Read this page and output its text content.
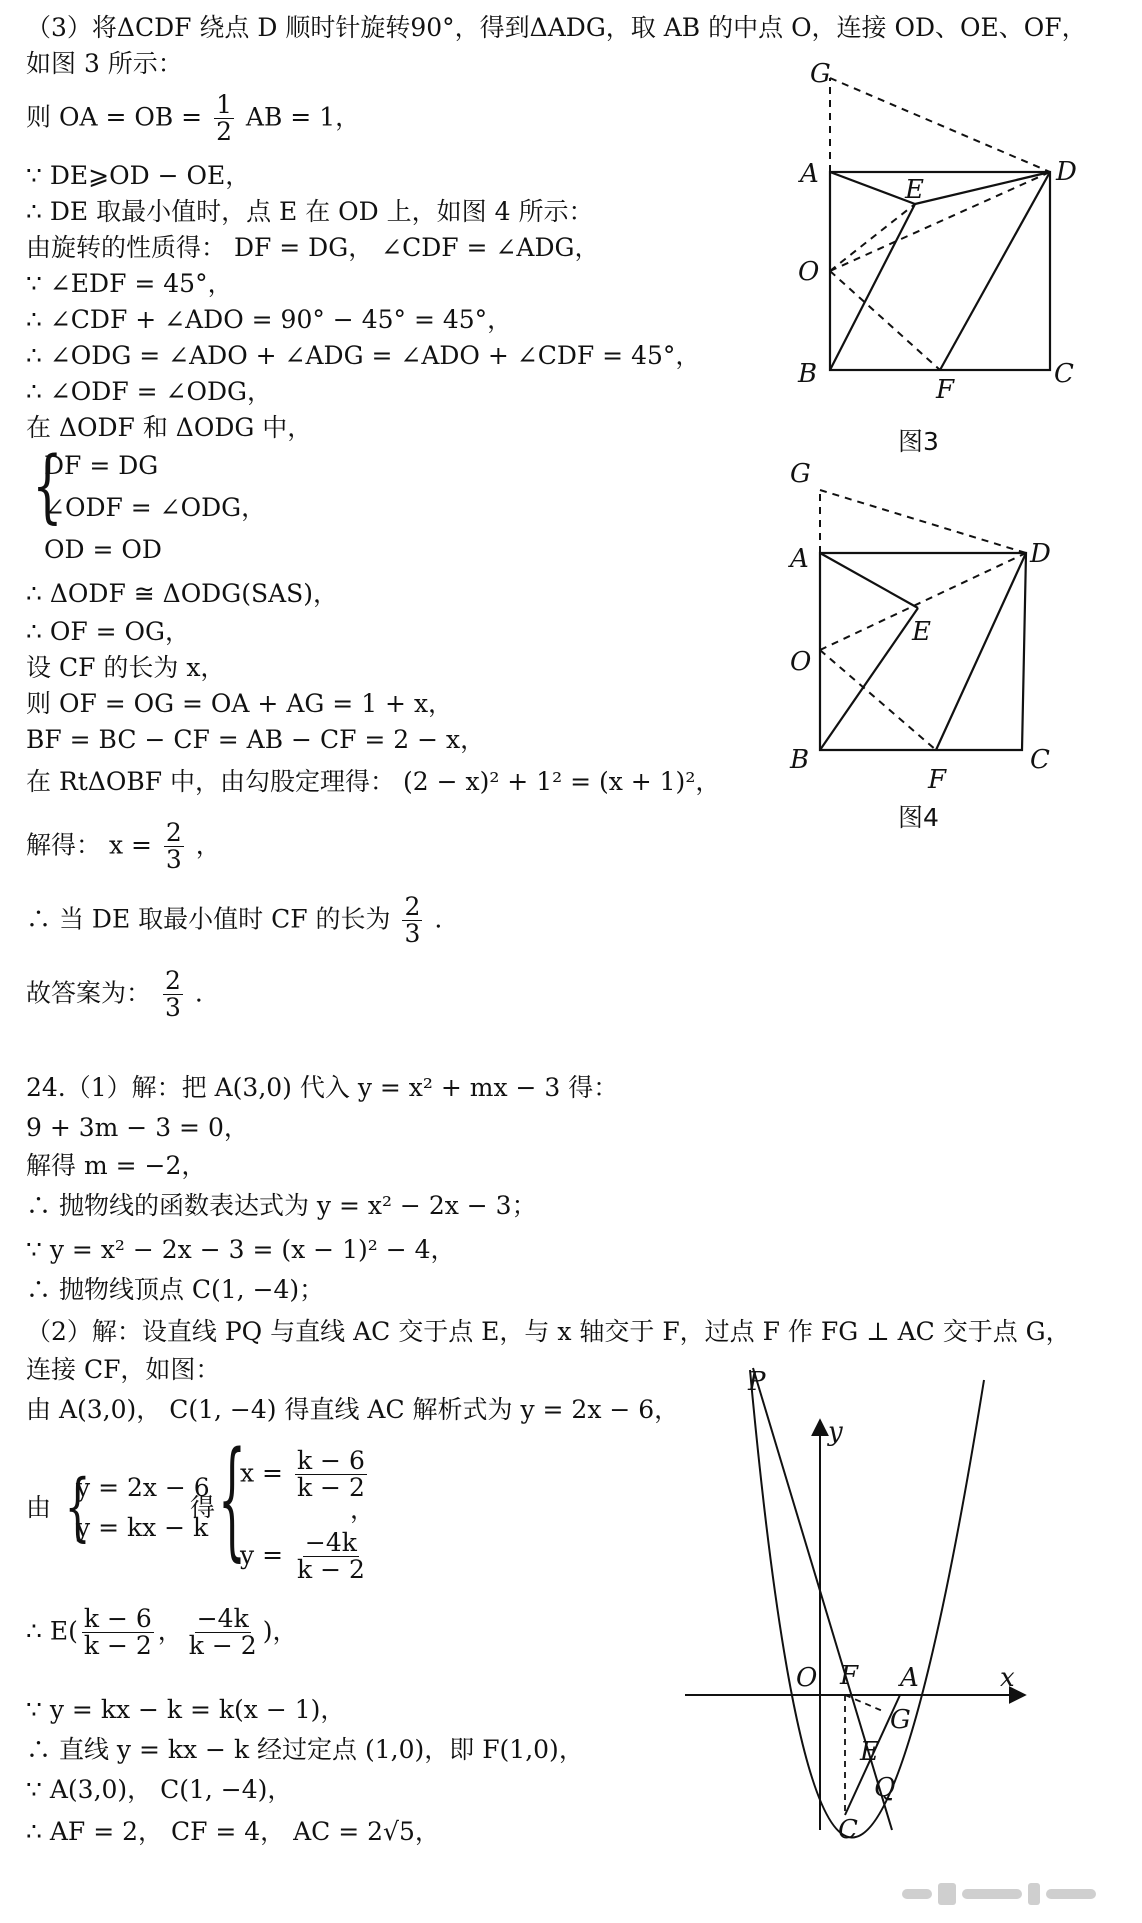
（3）将ΔCDF 绕点 D 顺时针旋转90°，得到ΔADG，取 AB 的中点 O，连接 OD、OE、OF，
如图 3 所示：
则 OA = OB = $\frac{1}{2}$ AB = 1，
∵ DE⩾OD − OE，
∴ DE 取最小值时，点 E 在 OD 上，如图 4 所示：
由旋转的性质得： DF = DG， ∠CDF = ∠ADG，
∵ ∠EDF = 45°，
∴ ∠CDF + ∠ADO = 90° − 45° = 45°，
∴ ∠ODG = ∠ADO + ∠ADG = ∠ADO + ∠CDF = 45°，
∴ ∠ODF = ∠ODG，
在 ΔODF 和 ΔODG 中，
{
DF = DG
∠ODF = ∠ODG，
OD = OD
∴ ΔODF ≅ ΔODG(SAS)，
∴ OF = OG，
设 CF 的长为 x，
则 OF = OG = OA + AG = 1 + x，
BF = BC − CF = AB − CF = 2 − x，
在 RtΔOBF 中，由勾股定理得： (2 − x)² + 1² = (x + 1)²，
解得： $x = \frac{2}{3}$ ，
∴ 当 DE 取最小值时 CF 的长为 $\frac{2}{3}$ .
故答案为： $\frac{2}{3}$ .
24.（1）解：把 A(3,0) 代入 y = x² + mx − 3 得：
9 + 3m − 3 = 0，
解得 m = −2，
∴ 抛物线的函数表达式为 y = x² − 2x − 3；
∵ y = x² − 2x − 3 = (x − 1)² − 4，
∴ 抛物线顶点 C(1, −4)；
（2）解：设直线 PQ 与直线 AC 交于点 E，与 x 轴交于 F，过点 F 作 FG ⊥ AC 交于点 G，
连接 CF，如图：
由 A(3,0)， C(1, −4) 得直线 AC 解析式为 y = 2x − 6，
由 {
y = 2x − 6
y = kx − k
得 {
$x = \frac{k - 6}{k - 2}$
$y = \frac{-4k}{k - 2}$
，
∴ $E( \frac{k - 6}{k - 2}$ ， $\frac{-4k}{k - 2}$ )，
∵ y = kx − k = k(x − 1)，
∴ 直线 y = kx − k 经过定点 (1,0)，即 F(1,0)，
∵ A(3,0)， C(1, −4)，
∴ AF = 2， CF = 4， AC = 2√5，
G
A	D
E
O
B
F
C
图3
G
A	D
E
O
B
F
C
图4
P
y
O F A	x
G
E
Q
C
